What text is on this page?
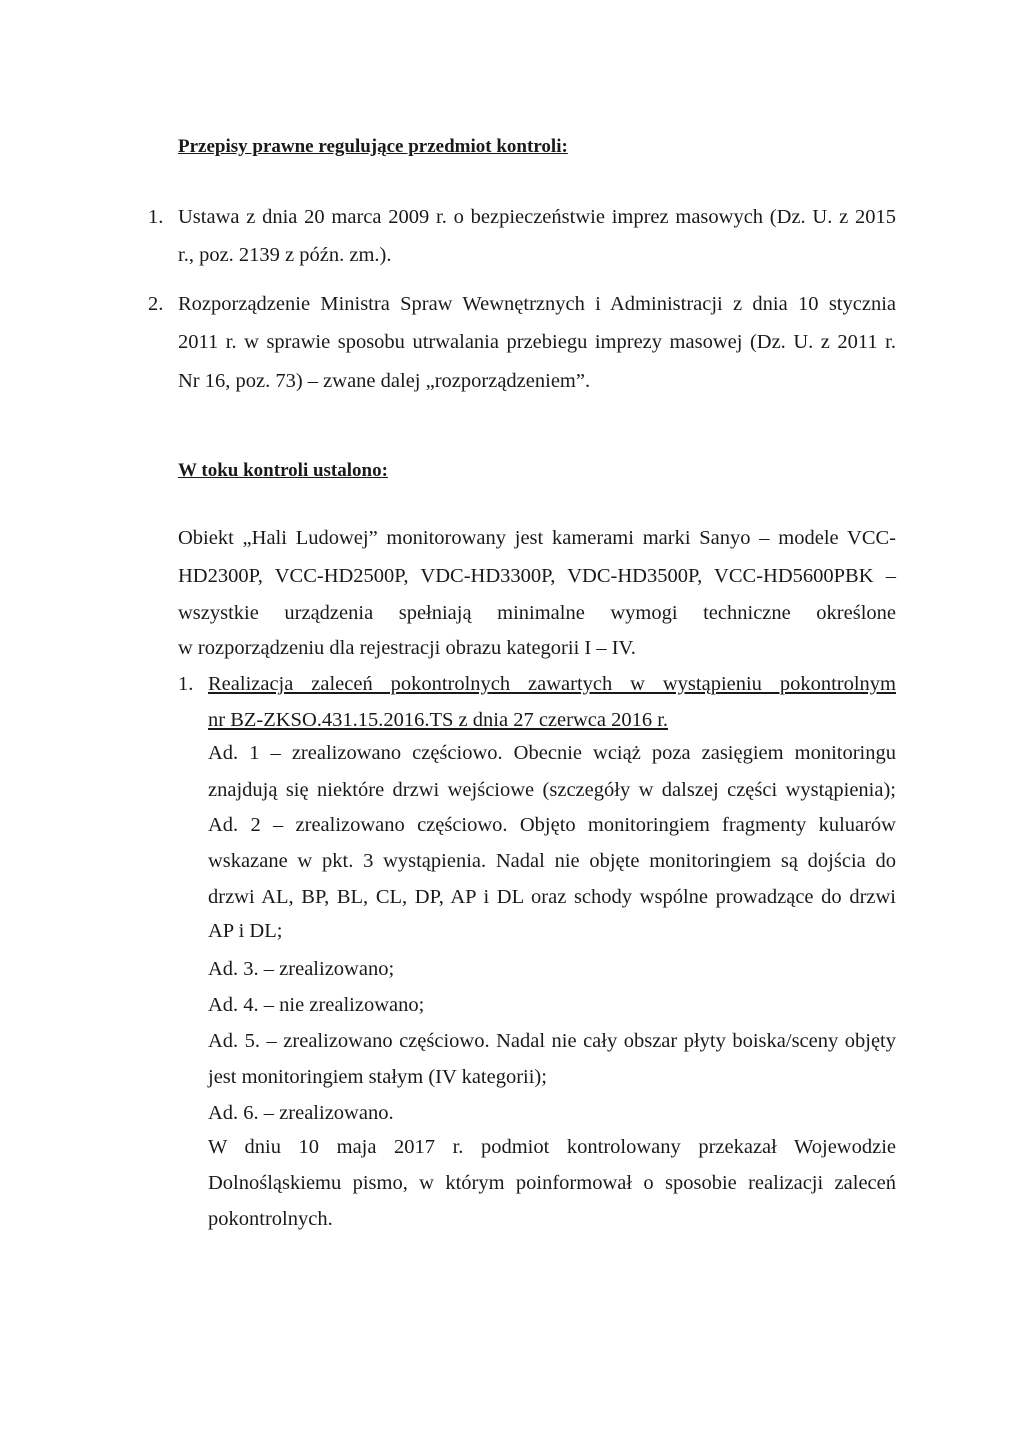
Przepisy prawne regulujące przedmiot kontroli:
1. Ustawa z dnia 20 marca 2009 r. o bezpieczeństwie imprez masowych (Dz. U. z 2015
r., poz. 2139 z późn. zm.).
2. Rozporządzenie Ministra Spraw Wewnętrznych i Administracji z dnia 10 stycznia
2011 r. w sprawie sposobu utrwalania przebiegu imprezy masowej (Dz. U. z 2011 r.
Nr 16, poz. 73) – zwane dalej „rozporządzeniem”.
W toku kontroli ustalono:
Obiekt „Hali Ludowej” monitorowany jest kamerami marki Sanyo – modele VCC-
HD2300P, VCC-HD2500P, VDC-HD3300P, VDC-HD3500P, VCC-HD5600PBK –
wszystkie urządzenia spełniają minimalne wymogi techniczne określone
w rozporządzeniu dla rejestracji obrazu kategorii I – IV.
1. Realizacja zaleceń pokontrolnych zawartych w wystąpieniu pokontrolnym
nr BZ-ZKSO.431.15.2016.TS z dnia 27 czerwca 2016 r.
Ad. 1 – zrealizowano częściowo. Obecnie wciąż poza zasięgiem monitoringu
znajdują się niektóre drzwi wejściowe (szczegóły w dalszej części wystąpienia);
Ad. 2 – zrealizowano częściowo. Objęto monitoringiem fragmenty kuluarów
wskazane w pkt. 3 wystąpienia. Nadal nie objęte monitoringiem są dojścia do
drzwi AL, BP, BL, CL, DP, AP i DL oraz schody wspólne prowadzące do drzwi
AP i DL;
Ad. 3. – zrealizowano;
Ad. 4. – nie zrealizowano;
Ad. 5. – zrealizowano częściowo. Nadal nie cały obszar płyty boiska/sceny objęty
jest monitoringiem stałym (IV kategorii);
Ad. 6. – zrealizowano.
W dniu 10 maja 2017 r. podmiot kontrolowany przekazał Wojewodzie
Dolnośląskiemu pismo, w którym poinformował o sposobie realizacji zaleceń
pokontrolnych.
